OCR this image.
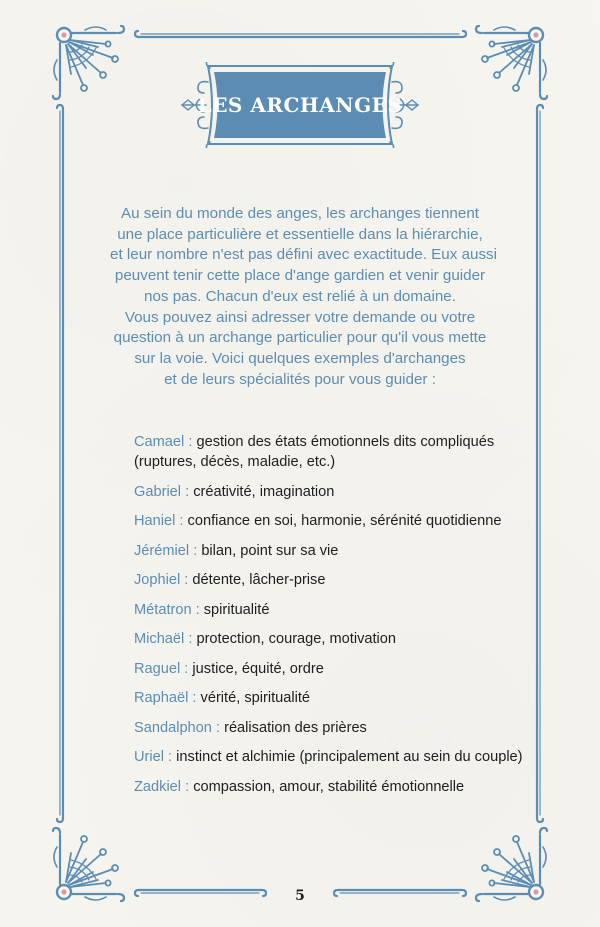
LES ARCHANGES
Au sein du monde des anges, les archanges tiennent
une place particulière et essentielle dans la hiérarchie,
et leur nombre n'est pas défini avec exactitude. Eux aussi
peuvent tenir cette place d'ange gardien et venir guider
nos pas. Chacun d'eux est relié à un domaine.
Vous pouvez ainsi adresser votre demande ou votre
question à un archange particulier pour qu'il vous mette
sur la voie. Voici quelques exemples d'archanges
et de leurs spécialités pour vous guider :

Camael : gestion des états émotionnels dits compliqués
(ruptures, décès, maladie, etc.)

Gabriel : créativité, imagination

Haniel : confiance en soi, harmonie, sérénité quotidienne

Jérémiel : bilan, point sur sa vie

Jophiel : détente, lâcher-prise

Métatron : spiritualité

Michaël : protection, courage, motivation

Raguel : justice, équité, ordre

Raphaël : vérité, spiritualité

Sandalphon : réalisation des prières

Uriel : instinct et alchimie (principalement au sein du couple)

Zadkiel : compassion, amour, stabilité émotionnelle

5
